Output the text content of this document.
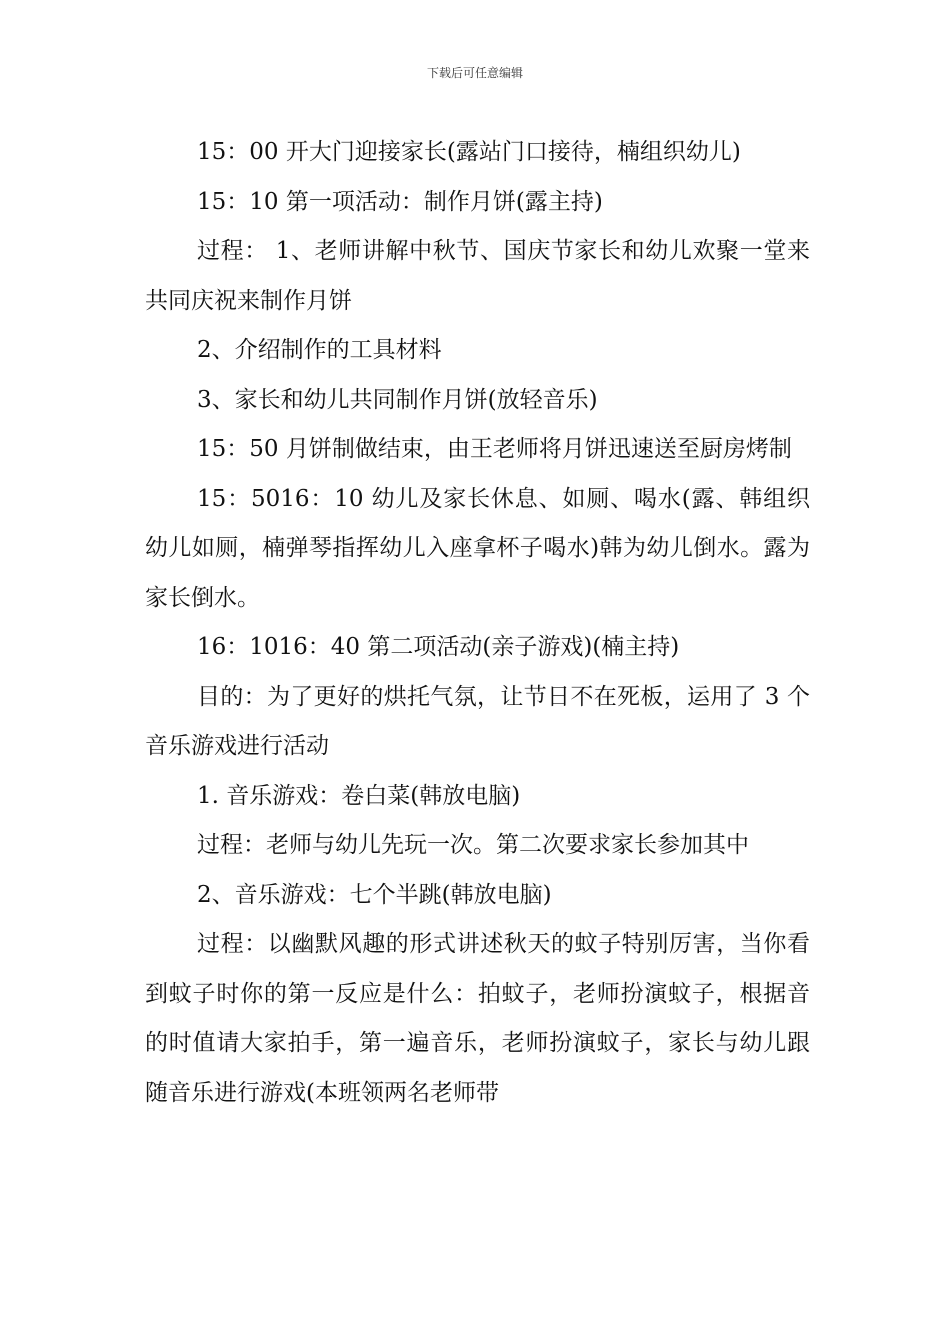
下载后可任意编辑

15：00 开大门迎接家长(露站门口接待，楠组织幼儿)

15：10 第一项活动：制作月饼(露主持)

过程： 1、老师讲解中秋节、国庆节家长和幼儿欢聚一堂来共同庆祝来制作月饼

2、介绍制作的工具材料

3、家长和幼儿共同制作月饼(放轻音乐)

15：50 月饼制做结束，由王老师将月饼迅速送至厨房烤制

15：5016：10 幼儿及家长休息、如厕、喝水(露、韩组织幼儿如厕，楠弹琴指挥幼儿入座拿杯子喝水)韩为幼儿倒水。露为家长倒水。

16：1016：40 第二项活动(亲子游戏)(楠主持)

目的：为了更好的烘托气氛，让节日不在死板，运用了 3 个音乐游戏进行活动

1. 音乐游戏：卷白菜(韩放电脑)

过程：老师与幼儿先玩一次。第二次要求家长参加其中

2、音乐游戏：七个半跳(韩放电脑)

过程：以幽默风趣的形式讲述秋天的蚊子特别厉害，当你看到蚊子时你的第一反应是什么：拍蚊子，老师扮演蚊子，根据音的时值请大家拍手，第一遍音乐，老师扮演蚊子，家长与幼儿跟随音乐进行游戏(本班领两名老师带
